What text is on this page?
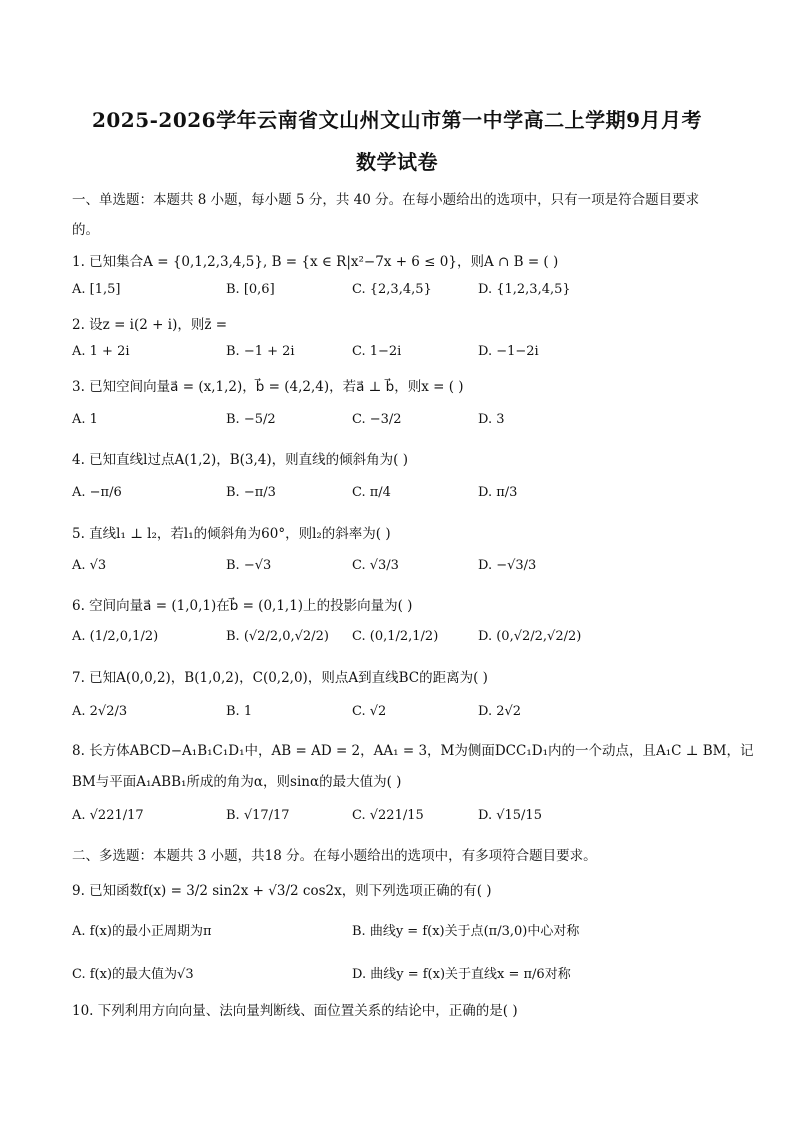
2025-2026学年云南省文山州文山市第一中学高二上学期9月月考
数学试卷
一、单选题：本题共 8 小题，每小题 5 分，共 40 分。在每小题给出的选项中，只有一项是符合题目要求
的。
1. 已知集合A = {0,1,2,3,4,5}, B = {x ∈ R|x²−7x + 6 ≤ 0}，则A ∩ B = ( )
A. [1,5]	B. [0,6]	C. {2,3,4,5}	D. {1,2,3,4,5}
2. 设z = i(2 + i)，则z̄ =
A. 1 + 2i	B. −1 + 2i	C. 1−2i	D. −1−2i
3. 已知空间向量a⃗ = (x,1,2)，b⃗ = (4,2,4)，若a⃗ ⊥ b⃗，则x = ( )
A. 1	B. −5/2	C. −3/2	D. 3
4. 已知直线l过点A(1,2)，B(3,4)，则直线的倾斜角为( )
A. −π/6	B. −π/3	C. π/4	D. π/3
5. 直线l₁ ⊥ l₂，若l₁的倾斜角为60°，则l₂的斜率为( )
A. √3	B. −√3	C. √3/3	D. −√3/3
6. 空间向量a⃗ = (1,0,1)在b⃗ = (0,1,1)上的投影向量为( )
A. (1/2,0,1/2)	B. (√2/2,0,√2/2) C. (0,1/2,1/2)	D. (0,√2/2,√2/2)
7. 已知A(0,0,2)，B(1,0,2)，C(0,2,0)，则点A到直线BC的距离为( )
A. 2√2/3	B. 1	C. √2	D. 2√2
8. 长方体ABCD−A₁B₁C₁D₁中，AB = AD = 2，AA₁ = 3，M为侧面DCC₁D₁内的一个动点，且A₁C ⊥ BM，记
BM与平面A₁ABB₁所成的角为α，则sinα的最大值为( )
A. √221/17	B. √17/17	C. √221/15	D. √15/15
二、多选题：本题共 3 小题，共18 分。在每小题给出的选项中，有多项符合题目要求。
9. 已知函数f(x) = 3/2 sin2x + √3/2 cos2x，则下列选项正确的有( )
A. f(x)的最小正周期为π	B. 曲线y = f(x)关于点(π/3,0)中心对称
C. f(x)的最大值为√3	D. 曲线y = f(x)关于直线x = π/6对称
10. 下列利用方向向量、法向量判断线、面位置关系的结论中，正确的是( )
